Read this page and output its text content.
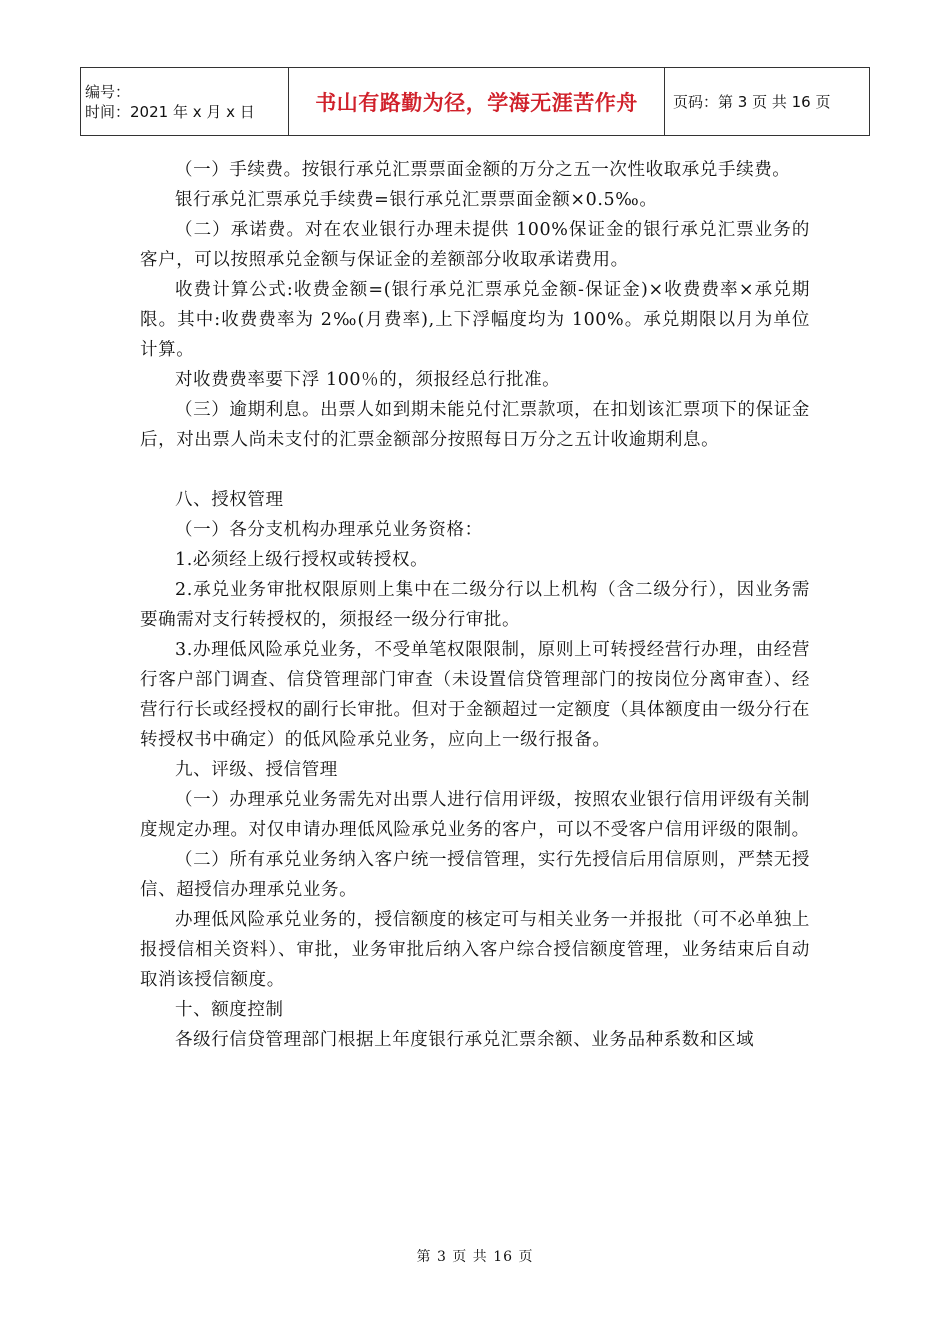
编号：
时间：2021 年 x 月 x 日	书山有路勤为径，学海无涯苦作舟	页码：第 3 页 共 16 页

（一）手续费。按银行承兑汇票票面金额的万分之五一次性收取承兑手续费。

银行承兑汇票承兑手续费=银行承兑汇票票面金额×0.5‰。

（二）承诺费。对在农业银行办理未提供 100%保证金的银行承兑汇票业务的客户，可以按照承兑金额与保证金的差额部分收取承诺费用。

收费计算公式:收费金额=(银行承兑汇票承兑金额-保证金)×收费费率×承兑期限。其中:收费费率为 2‰(月费率),上下浮幅度均为 100%。承兑期限以月为单位计算。

对收费费率要下浮 100％的，须报经总行批准。

（三）逾期利息。出票人如到期未能兑付汇票款项，在扣划该汇票项下的保证金后，对出票人尚未支付的汇票金额部分按照每日万分之五计收逾期利息。

八、授权管理

（一）各分支机构办理承兑业务资格：

1.必须经上级行授权或转授权。

2.承兑业务审批权限原则上集中在二级分行以上机构（含二级分行），因业务需要确需对支行转授权的，须报经一级分行审批。

3.办理低风险承兑业务，不受单笔权限限制，原则上可转授经营行办理，由经营行客户部门调查、信贷管理部门审查（未设置信贷管理部门的按岗位分离审查）、经营行行长或经授权的副行长审批。但对于金额超过一定额度（具体额度由一级分行在转授权书中确定）的低风险承兑业务，应向上一级行报备。

九、评级、授信管理

（一）办理承兑业务需先对出票人进行信用评级，按照农业银行信用评级有关制度规定办理。对仅申请办理低风险承兑业务的客户，可以不受客户信用评级的限制。

（二）所有承兑业务纳入客户统一授信管理，实行先授信后用信原则，严禁无授信、超授信办理承兑业务。

办理低风险承兑业务的，授信额度的核定可与相关业务一并报批（可不必单独上报授信相关资料）、审批，业务审批后纳入客户综合授信额度管理，业务结束后自动取消该授信额度。

十、额度控制

各级行信贷管理部门根据上年度银行承兑汇票余额、业务品种系数和区域

第 3 页 共 16 页
